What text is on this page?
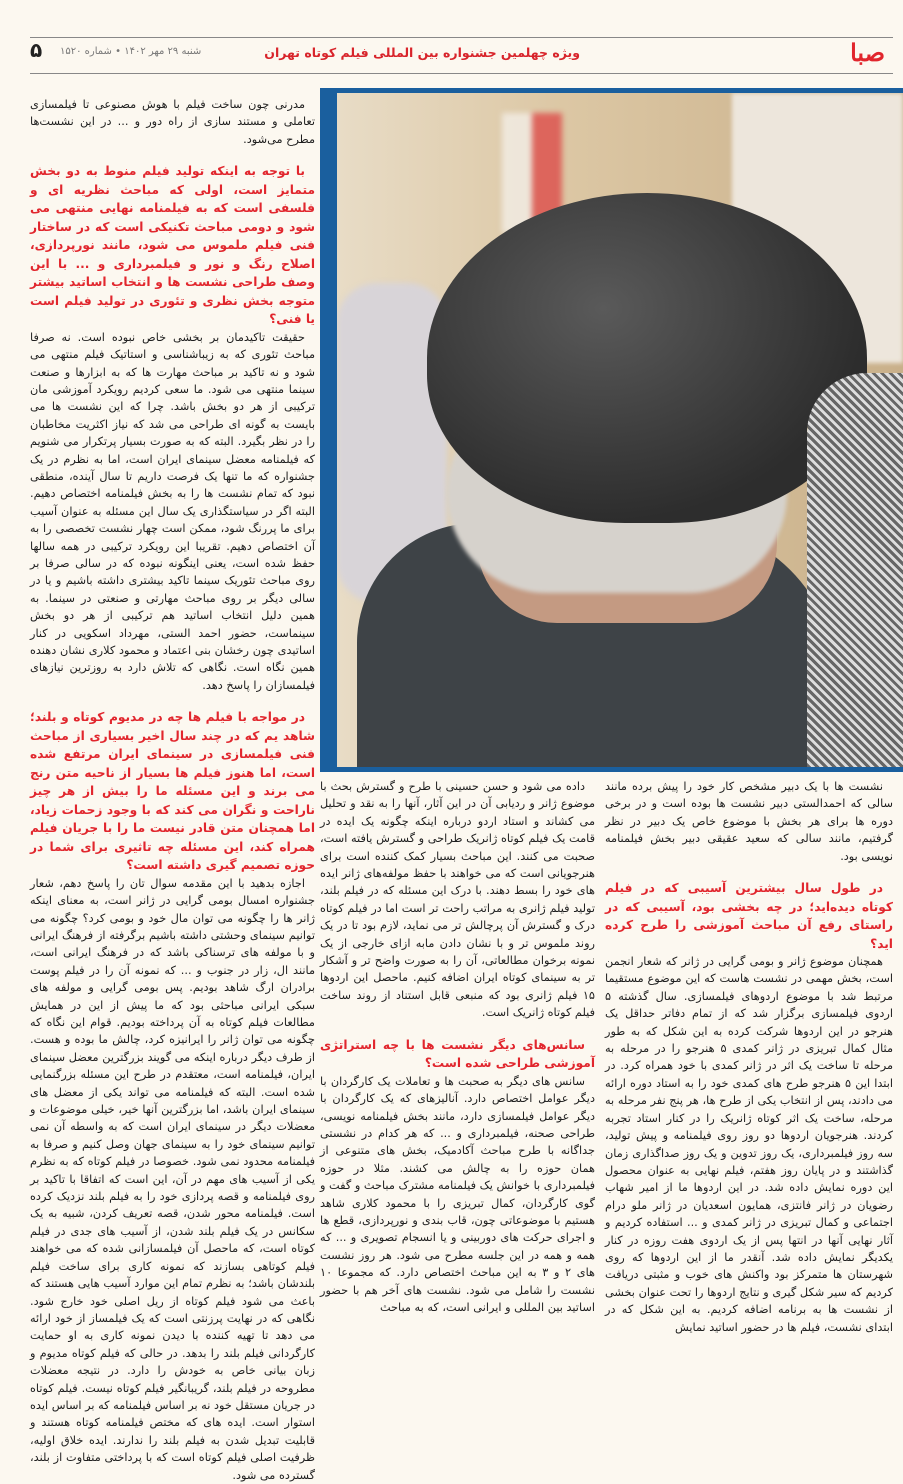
صبا
ویژه چهلمین جشنواره بین المللی فیلم کوتاه تهران
شنبه ۲۹ مهر ۱۴۰۲ • شماره ۱۵۲۰
۵

مدرنی چون ساخت فیلم با هوش مصنوعی تا فیلمسازی تعاملی و مستند سازی از راه دور و ... در این نشست‌ها مطرح می‌شود.

با توجه به اینکه تولید فیلم منوط به دو بخش متمایز است، اولی که مباحث نظریه ای و فلسفی است که به فیلمنامه نهایی منتهی می شود و دومی مباحث تکنیکی است که در ساختار فنی فیلم ملموس می شود، مانند نورپردازی، اصلاح رنگ و نور و فیلمبرداری و ... با این وصف طراحی نشست ها و انتخاب اساتید بیشتر متوجه بخش نظری و تئوری در تولید فیلم است یا فنی؟

حقیقت تاکیدمان بر بخشی خاص نبوده است. نه صرفا مباحث تئوری که به زیباشناسی و استاتیک فیلم منتهی می شود و نه تاکید بر مباحث مهارت ها که به ابزارها و صنعت سینما منتهی می شود. ما سعی کردیم رویکرد آموزشی مان ترکیبی از هر دو بخش باشد. چرا که این نشست ها می بایست به گونه ای طراحی می شد که نیاز اکثریت مخاطبان را در نظر بگیرد. البته که به صورت بسیار پرتکرار می شنویم که فیلمنامه معضل سینمای ایران است، اما به نظرم در یک جشنواره که ما تنها یک فرصت داریم تا سال آینده، منطقی نبود که تمام نشست ها را به بخش فیلمنامه اختصاص دهیم. البته اگر در سیاستگذاری یک سال این مسئله به عنوان آسیب برای ما پررنگ شود، ممکن است چهار نشست تخصصی را به آن اختصاص دهیم. تقریبا این رویکرد ترکیبی در همه سالها حفظ شده است، یعنی اینگونه نبوده که در سالی صرفا بر روی مباحث تئوریک سینما تاکید بیشتری داشته باشیم و یا در سالی دیگر بر روی مباحث مهارتی و صنعتی در سینما. به همین دلیل انتخاب اساتید هم ترکیبی از هر دو بخش سینماست، حضور احمد الستی، مهرداد اسکویی در کنار اساتیدی چون رخشان بنی اعتماد و محمود کلاری نشان دهنده همین نگاه است. نگاهی که تلاش دارد به روزترین نیازهای فیلمسازان را پاسخ دهد.

در مواجه با فیلم ها چه در مدیوم کوتاه و بلند؛ شاهد یم که در چند سال اخیر بسیاری از مباحث فنی فیلمسازی در سینمای ایران مرتفع شده است، اما هنوز فیلم ها بسیار از ناحیه متن رنج می برند و این مسئله ما را بیش از هر چیز ناراحت و نگران می کند که با وجود زحمات زیاد، اما همچنان متن قادر نیست ما را با جریان فیلم همراه کند، این مسئله چه تاثیری برای شما در حوزه تصمیم گیری داشته است؟

اجازه بدهید با این مقدمه سوال تان را پاسخ دهم، شعار جشنواره امسال بومی گرایی در ژانر است، به معنای اینکه ژانر ها را چگونه می توان مال خود و بومی کرد؟ چگونه می توانیم سینمای وحشتی داشته باشیم برگرفته از فرهنگ ایرانی و با مولفه های ترسناکی باشد که در فرهنگ ایرانی است، مانند ال، زار در جنوب و ... که نمونه آن را در فیلم پوست برادران ارگ شاهد بودیم. پس بومی گرایی و مولفه های سبکی ایرانی مباحثی بود که ما پیش از این در همایش مطالعات فیلم کوتاه به آن پرداخته بودیم. قوام این نگاه که چگونه می توان ژانر را ایرانیزه کرد، چالش ما بوده و هست. از طرف دیگر درباره اینکه می گویند بزرگترین معضل سینمای ایران، فیلمنامه است، معتقدم در طرح این مسئله بزرگنمایی شده است. البته که فیلمنامه می تواند یکی از معضل های سینمای ایران باشد، اما بزرگترین آنها خیر، خیلی موضوعات و معضلات دیگر در سینمای ایران است که به واسطه آن نمی توانیم سینمای خود را به سینمای جهان وصل کنیم و صرفا به فیلمنامه محدود نمی شود. خصوصا در فیلم کوتاه که به نظرم یکی از آسیب های مهم در آن، این است که اتفاقا با تاکید بر روی فیلمنامه و قصه پردازی خود را به فیلم بلند نزدیک کرده است. فیلمنامه محور شدن، قصه تعریف کردن، شبیه به یک سکانس در یک فیلم بلند شدن، از آسیب های جدی در فیلم کوتاه است، که ماحصل آن فیلمسازانی شده که می خواهند فیلم کوتاهی بسازند که نمونه کاری برای ساخت فیلم بلندشان باشد؛ به نظرم تمام این موارد آسیب هایی هستند که باعث می شود فیلم کوتاه از ریل اصلی خود خارج شود. نگاهی که در نهایت پرزنتی است که یک فیلمساز از خود ارائه می دهد تا تهیه کننده با دیدن نمونه کاری به او حمایت کارگردانی فیلم بلند را بدهد. در حالی که فیلم کوتاه مدیوم و زبان بیانی خاص به خودش را دارد. در نتیجه معضلات مطروحه در فیلم بلند، گریبانگیر فیلم کوتاه نیست. فیلم کوتاه در جریان مستقل خود نه بر اساس فیلمنامه که بر اساس ایده استوار است. ایده های که مختص فیلمنامه کوتاه هستند و قابلیت تبدیل شدن به فیلم بلند را ندارند. ایده خلاق اولیه، ظرفیت اصلی فیلم کوتاه است که با پرداختی متفاوت از بلند، گسترده می شود.

داده می شود و حسن حسینی با طرح و گسترش بحث با موضوع ژانر و ردیابی آن در این آثار، آنها را به نقد و تحلیل می کشاند و استاد اردو درباره اینکه چگونه یک ایده در قامت یک فیلم کوتاه ژانریک طراحی و گسترش یافته است، صحبت می کنند. این مباحث بسیار کمک کننده است برای هنرجویانی است که می خواهند با حفظ مولفه‌های ژانر ایده های خود را بسط دهند. با درک این مسئله که در فیلم بلند، تولید فیلم ژانری به مراتب راحت تر است اما در فیلم کوتاه درک و گسترش آن پرچالش تر می نماید، لازم بود تا در یک روند ملموس تر و با نشان دادن مابه ازای خارجی از یک نمونه برخوان مطالعاتی، آن را به صورت واضح تر و آشکار تر به سینمای کوتاه ایران اضافه کنیم. ماحصل این اردوها ۱۵ فیلم ژانری بود که منبعی قابل استناد از روند ساخت فیلم کوتاه ژانریک است.

سانس‌های دیگر نشست ها با چه استراتژی آموزشی طراحی شده است؟

سانس های دیگر به صحبت ها و تعاملات یک کارگردان با دیگر عوامل اختصاص دارد. آنالیزهای که یک کارگردان با دیگر عوامل فیلمسازی دارد، مانند بخش فیلمنامه نویسی، طراحی صحنه، فیلمبرداری و ... که هر کدام در نشستی جداگانه با طرح مباحث آکادمیک، بخش های متنوعی از همان حوزه را به چالش می کشند. مثلا در حوزه فیلمبرداری با خوانش یک فیلمنامه مشترک مباحث و گفت و گوی کارگردان، کمال تبریزی را با محمود کلاری شاهد هستیم با موضوعاتی چون، قاب بندی و نورپردازی، قطع ها و اجرای حرکت های دوربینی و یا انسجام تصویری و ... که همه و همه در این جلسه مطرح می شود. هر روز نشست های ۲ و ۳ به این مباحث اختصاص دارد. که مجموعا ۱۰ نشست را شامل می شود. نشست های آخر هم با حضور اساتید بین المللی و ایرانی است، که به مباحث

نشست ها با یک دبیر مشخص کار خود را پیش برده مانند سالی که احمدالستی دبیر نشست ها بوده است و در برخی دوره ها برای هر بخش با موضوع خاص یک دبیر در نظر گرفتیم، مانند سالی که سعید عقیقی دبیر بخش فیلمنامه نویسی بود.

در طول سال بیشترین آسیبی که در فیلم کوتاه دیده‌اید؛ در چه بخشی بود، آسیبی که در راستای رفع آن مباحث آموزشی را طرح کرده اید؟

همچنان موضوع ژانر و بومی گرایی در ژانر که شعار انجمن است، بخش مهمی در نشست هاست که این موضوع مستقیما مرتبط شد با موضوع اردوهای فیلمسازی. سال گذشته ۵ اردوی فیلمسازی برگزار شد که از تمام دفاتر حداقل یک هنرجو در این اردوها شرکت کرده به این شکل که به طور مثال کمال تبریزی در ژانر کمدی ۵ هنرجو را در مرحله به مرحله تا ساخت یک اثر در ژانر کمدی با خود همراه کرد. در ابتدا این ۵ هنرجو طرح های کمدی خود را به استاد دوره ارائه می دادند، پس از انتخاب یکی از طرح ها، هر پنج نفر مرحله به مرحله، ساخت یک اثر کوتاه ژانریک را در کنار استاد تجربه کردند. هنرجویان اردوها دو روز روی فیلمنامه و پیش تولید، سه روز فیلمبرداری، یک روز تدوین و یک روز صداگذاری زمان گذاشتند و در پایان روز هفتم، فیلم نهایی به عنوان محصول این دوره نمایش داده شد. در این اردوها ما از امیر شهاب رضویان در ژانر فانتزی، همایون اسعدیان در ژانر ملو درام اجتماعی و کمال تبریزی در ژانر کمدی و ... استفاده کردیم و آثار نهایی آنها در انتها پس از یک اردوی هفت روزه در کنار یکدیگر نمایش داده شد. آنقدر ما از این اردوها که روی شهرستان ها متمرکز بود واکنش های خوب و مثبتی دریافت کردیم که سیر شکل گیری و نتایج اردوها را تحت عنوان بخشی از نشست ها به برنامه اضافه کردیم. به این شکل که در ابتدای نشست، فیلم ها در حضور اساتید نمایش
